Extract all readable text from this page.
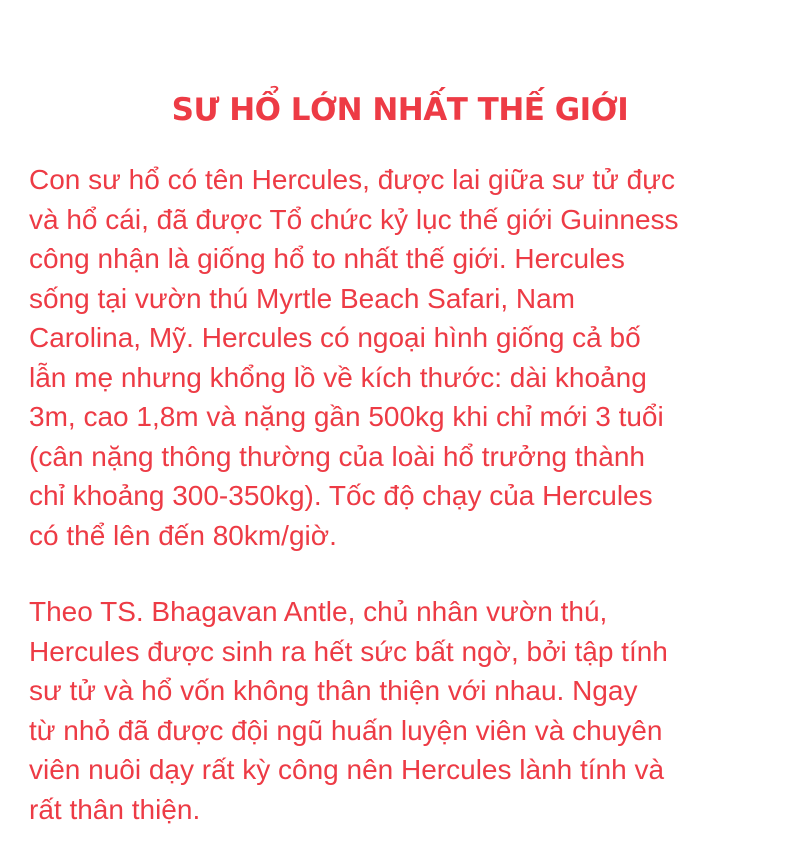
SƯ HỔ LỚN NHẤT THẾ GIỚI
Con sư hổ có tên Hercules, được lai giữa sư tử đực
và hổ cái, đã được Tổ chức kỷ lục thế giới Guinness
công nhận là giống hổ to nhất thế giới. Hercules
sống tại vườn thú Myrtle Beach Safari, Nam
Carolina, Mỹ. Hercules có ngoại hình giống cả bố
lẫn mẹ nhưng khổng lồ về kích thước: dài khoảng
3m, cao 1,8m và nặng gần 500kg khi chỉ mới 3 tuổi
(cân nặng thông thường của loài hổ trưởng thành
chỉ khoảng 300-350kg). Tốc độ chạy của Hercules
có thể lên đến 80km/giờ.
Theo TS. Bhagavan Antle, chủ nhân vườn thú,
Hercules được sinh ra hết sức bất ngờ, bởi tập tính
sư tử và hổ vốn không thân thiện với nhau. Ngay
từ nhỏ đã được đội ngũ huấn luyện viên và chuyên
viên nuôi dạy rất kỳ công nên Hercules lành tính và
rất thân thiện.
